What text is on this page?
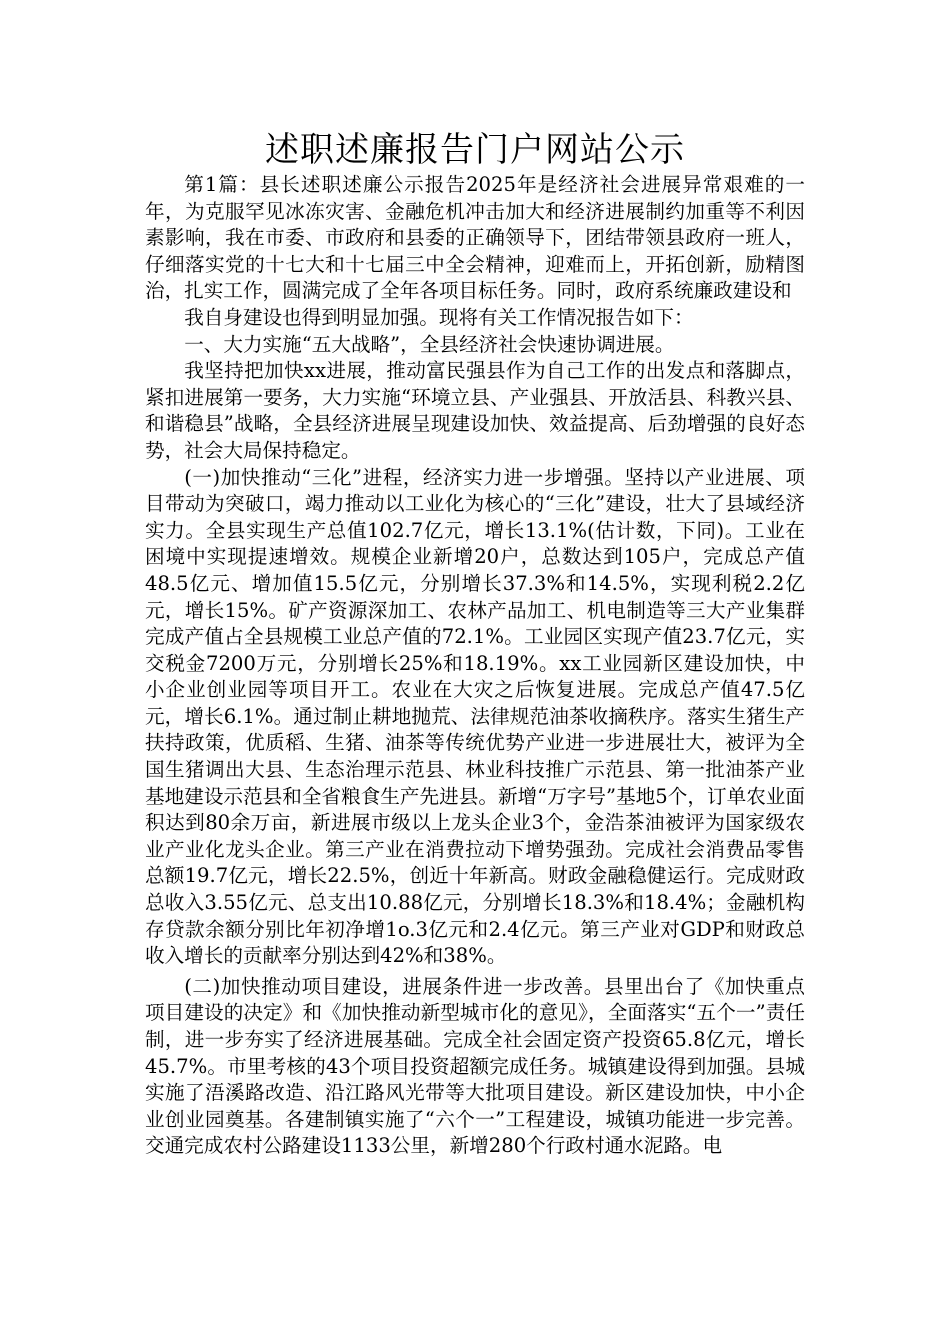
述职述廉报告门户网站公示

第1篇：县长述职述廉公示报告2025年是经济社会进展异常艰难的一年，为克服罕见冰冻灾害、金融危机冲击加大和经济进展制约加重等不利因素影响，我在市委、市政府和县委的正确领导下，团结带领县政府一班人，仔细落实党的十七大和十七届三中全会精神，迎难而上，开拓创新，励精图治，扎实工作，圆满完成了全年各项目标任务。同时，政府系统廉政建设和

我自身建设也得到明显加强。现将有关工作情况报告如下：

一、大力实施“五大战略”，全县经济社会快速协调进展。

我坚持把加快xx进展，推动富民强县作为自己工作的出发点和落脚点，紧扣进展第一要务，大力实施“环境立县、产业强县、开放活县、科教兴县、和谐稳县”战略，全县经济进展呈现建设加快、效益提高、后劲增强的良好态势，社会大局保持稳定。

(一)加快推动“三化”进程，经济实力进一步增强。坚持以产业进展、项目带动为突破口，竭力推动以工业化为核心的“三化”建设，壮大了县域经济实力。全县实现生产总值102.7亿元，增长13.1%(估计数，下同)。工业在困境中实现提速增效。规模企业新增20户，总数达到105户，完成总产值48.5亿元、增加值15.5亿元，分别增长37.3%和14.5%，实现利税2.2亿元，增长15%。矿产资源深加工、农林产品加工、机电制造等三大产业集群完成产值占全县规模工业总产值的72.1%。工业园区实现产值23.7亿元，实交税金7200万元，分别增长25%和18.19%。xx工业园新区建设加快，中小企业创业园等项目开工。农业在大灾之后恢复进展。完成总产值47.5亿元，增长6.1%。通过制止耕地抛荒、法律规范油茶收摘秩序。落实生猪生产扶持政策，优质稻、生猪、油茶等传统优势产业进一步进展壮大，被评为全国生猪调出大县、生态治理示范县、林业科技推广示范县、第一批油茶产业基地建设示范县和全省粮食生产先进县。新增“万字号”基地5个，订单农业面积达到80余万亩，新进展市级以上龙头企业3个，金浩茶油被评为国家级农业产业化龙头企业。第三产业在消费拉动下增势强劲。完成社会消费品零售总额19.7亿元，增长22.5%，创近十年新高。财政金融稳健运行。完成财政总收入3.55亿元、总支出10.88亿元，分别增长18.3%和18.4%；金融机构存贷款余额分别比年初净增1o.3亿元和2.4亿元。第三产业对GDP和财政总收入增长的贡献率分别达到42%和38%。

(二)加快推动项目建设，进展条件进一步改善。县里出台了《加快重点项目建设的决定》和《加快推动新型城市化的意见》，全面落实“五个一”责任制，进一步夯实了经济进展基础。完成全社会固定资产投资65.8亿元，增长45.7%。市里考核的43个项目投资超额完成任务。城镇建设得到加强。县城实施了浯溪路改造、沿江路风光带等大批项目建设。新区建设加快，中小企业创业园奠基。各建制镇实施了“六个一”工程建设，城镇功能进一步完善。交通完成农村公路建设1133公里，新增280个行政村通水泥路。电
